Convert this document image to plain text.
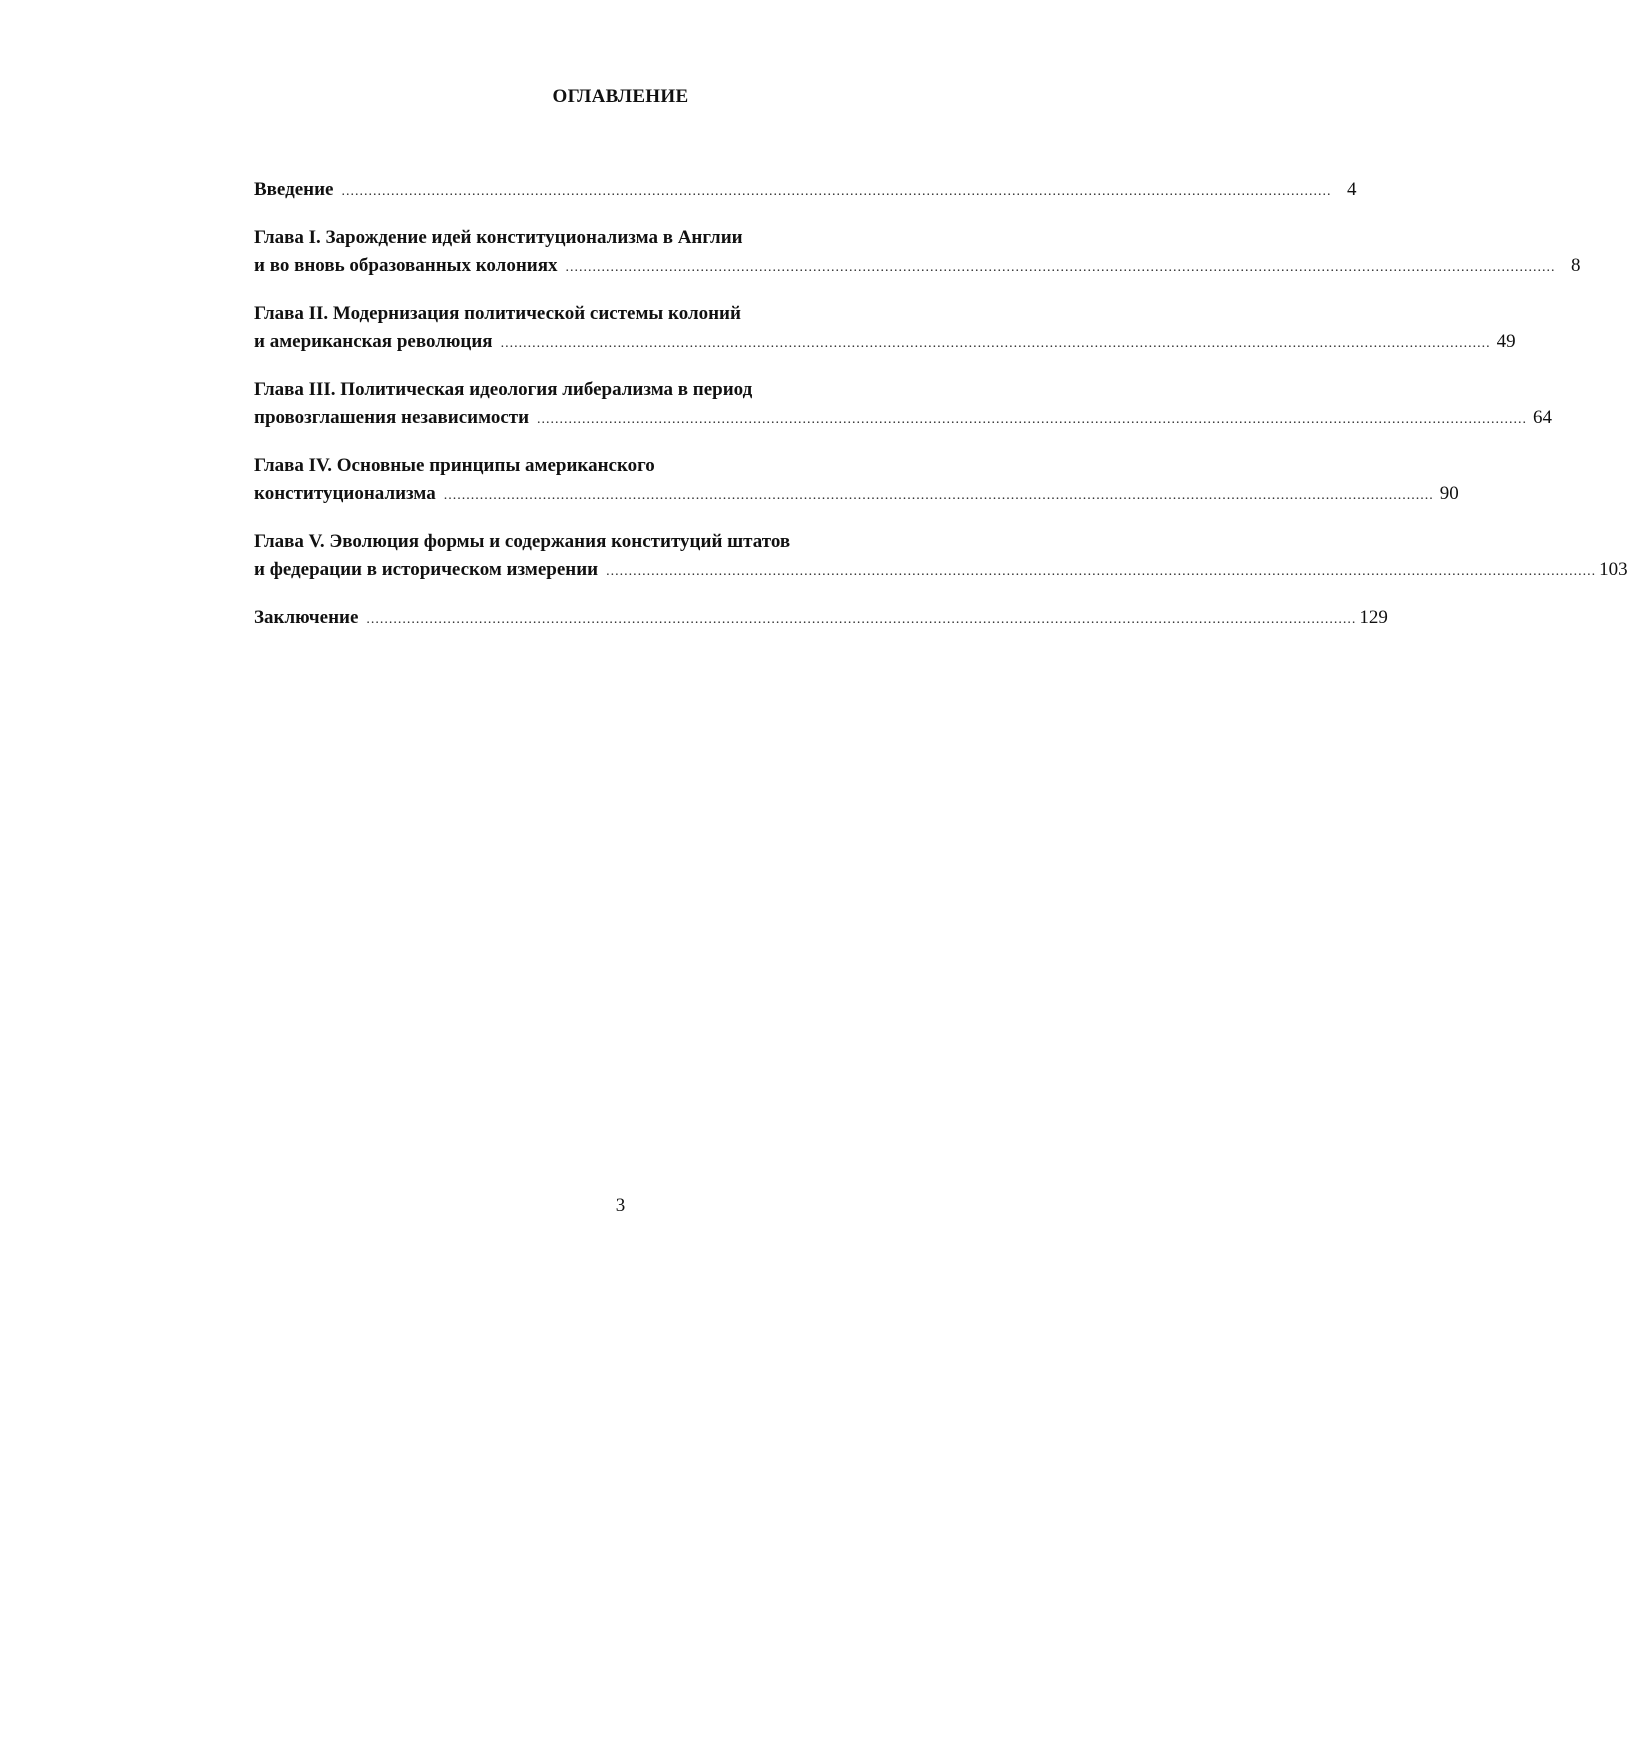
ОГЛАВЛЕНИЕ
Введение ............................................................................................................................................................................................................................ 4
Глава I. Зарождение идей конституционализма в Англии
и во вновь образованных колониях ............................................................................................................................................................................................................................ 8
Глава II. Модернизация политической системы колоний
и американская революция ............................................................................................................................................................................................................................ 49
Глава III. Политическая идеология либерализма в период
провозглашения независимости ............................................................................................................................................................................................................................ 64
Глава IV. Основные принципы американского
конституционализма ............................................................................................................................................................................................................................ 90
Глава V. Эволюция формы и содержания конституций штатов
и федерации в историческом измерении ............................................................................................................................................................................................................................ 103
Заключение ............................................................................................................................................................................................................................ 129
3
